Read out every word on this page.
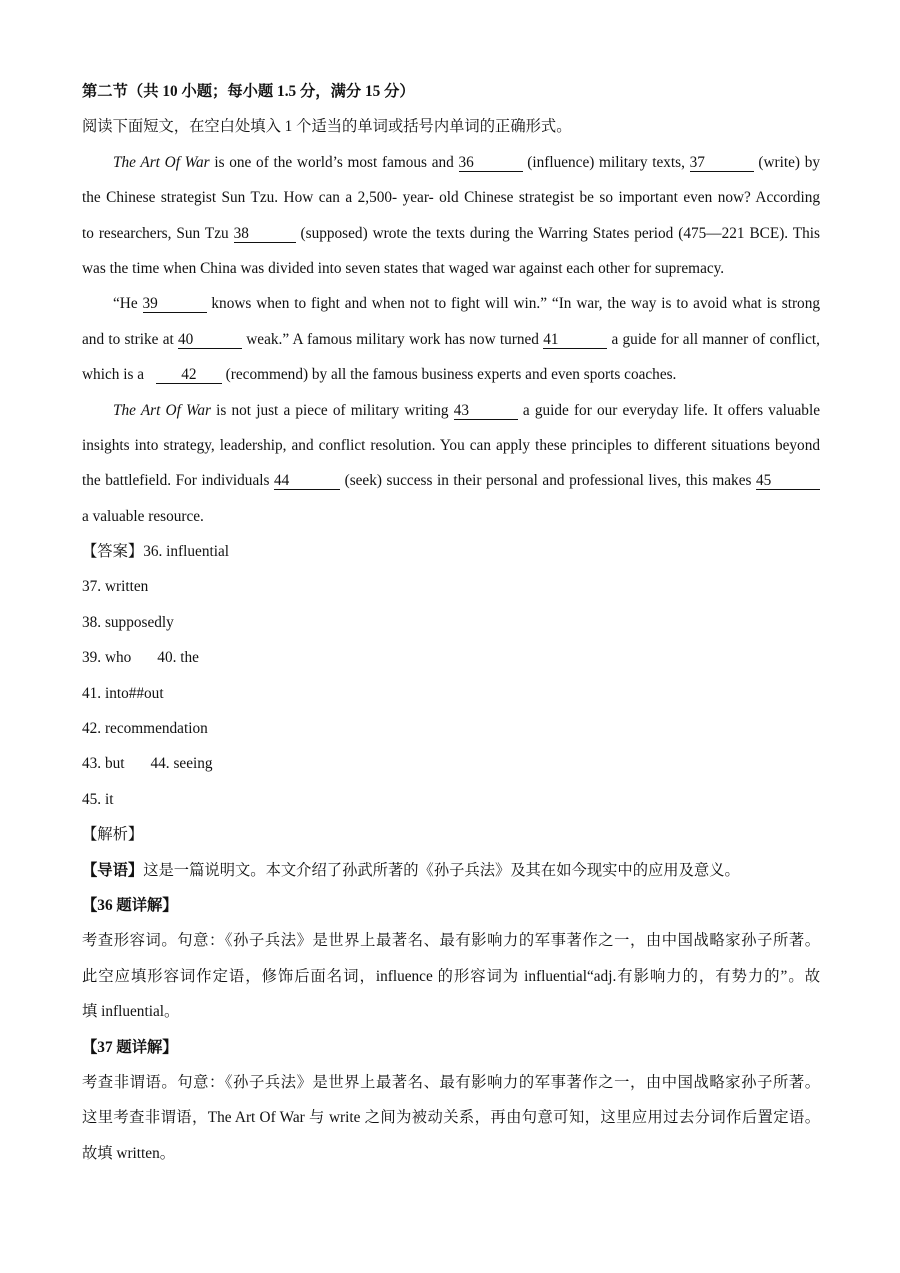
第二节（共 10 小题；每小题 1.5 分，满分 15 分）
阅读下面短文，在空白处填入 1 个适当的单词或括号内单词的正确形式。
The Art Of War is one of the world’s most famous and 36	(influence) military texts, 37	(write) by
the Chinese strategist Sun Tzu. How can a 2,500- year- old Chinese strategist be so important even now? According
to researchers, Sun Tzu 38	(supposed) wrote the texts during the Warring States period (475—221 BCE). This
was the time when China was divided into seven states that waged war against each other for supremacy.
“He 39	knows when to fight and when not to fight will win.” “In war, the way is to avoid what is strong
and to strike at 40	weak.” A famous military work has now turned 41	a guide for all manner of conflict,
which is a 42 (recommend) by all the famous business experts and even sports coaches.
The Art Of War is not just a piece of military writing 43	a guide for our everyday life. It offers valuable
insights into strategy, leadership, and conflict resolution. You can apply these principles to different situations beyond
the battlefield. For individuals 44	(seek) success in their personal and professional lives, this makes 45
a valuable resource.
【答案】36. influential
37. written
38. supposedly
39. who 40. the
41. into##out
42. recommendation
43. but 44. seeing
45. it
【解析】
【导语】这是一篇说明文。本文介绍了孙武所著的《孙子兵法》及其在如今现实中的应用及意义。
【36 题详解】
考查形容词。句意：《孙子兵法》是世界上最著名、最有影响力的军事著作之一，由中国战略家孙子所著。
此空应填形容词作定语，修饰后面名词，influence 的形容词为 influential“adj.有影响力的，有势力的”。故
填 influential。
【37 题详解】
考查非谓语。句意：《孙子兵法》是世界上最著名、最有影响力的军事著作之一，由中国战略家孙子所著。
这里考查非谓语，The Art Of War 与 write 之间为被动关系，再由句意可知，这里应用过去分词作后置定语。
故填 written。
